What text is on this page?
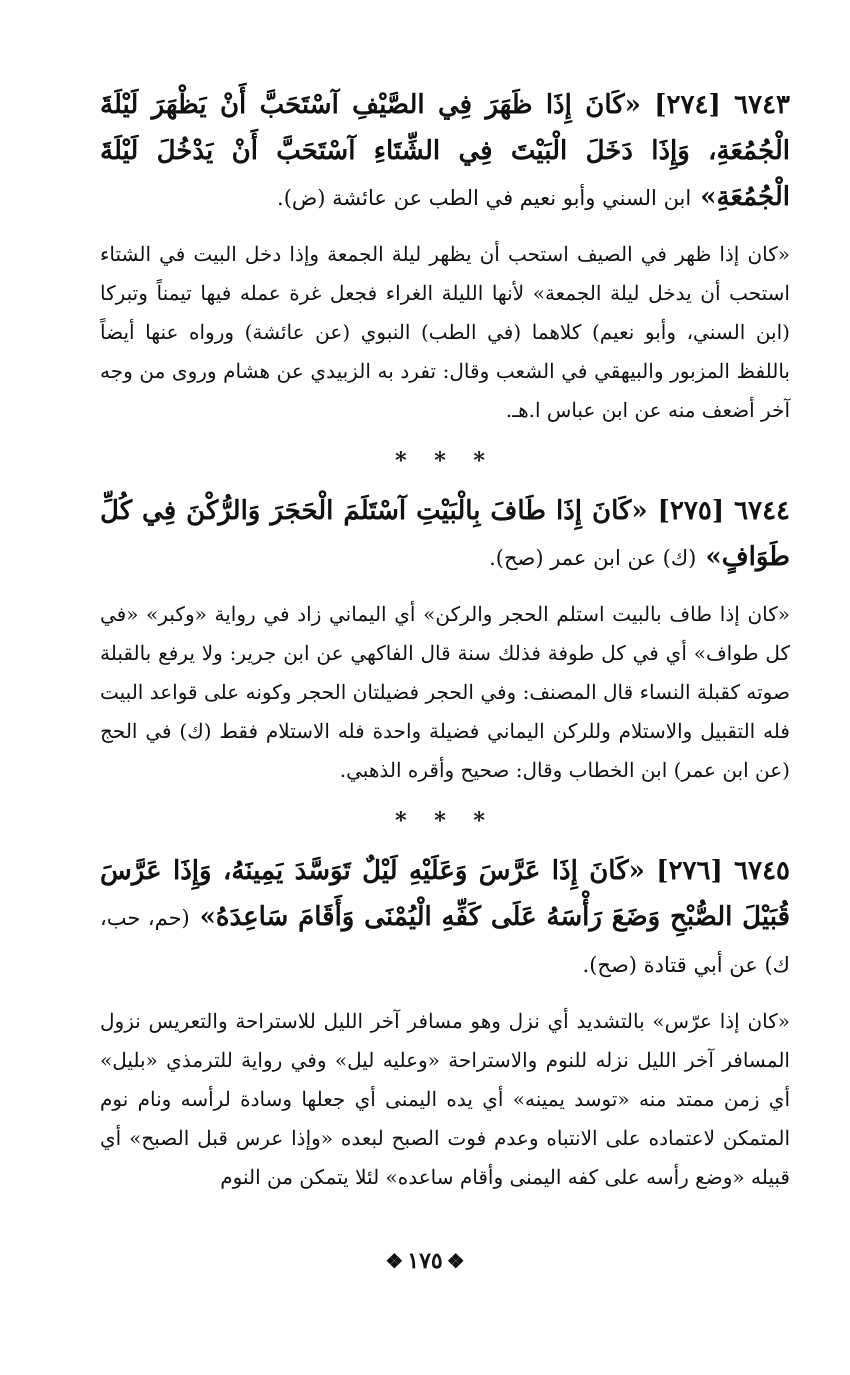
٦٧٤٣ [٢٧٤] «كَانَ إِذَا ظَهَرَ فِي الصَّيْفِ آسْتَحَبَّ أَنْ يَظْهَرَ لَيْلَةَ الْجُمُعَةِ، وَإِذَا دَخَلَ الْبَيْتَ فِي الشِّتَاءِ آسْتَحَبَّ أَنْ يَدْخُلَ لَيْلَةَ الْجُمُعَةِ» ابن السني وأبو نعيم في الطب عن عائشة (ض).

«كان إذا ظهر في الصيف استحب أن يظهر ليلة الجمعة وإذا دخل البيت في الشتاء استحب أن يدخل ليلة الجمعة» لأنها الليلة الغراء فجعل غرة عمله فيها تيمناً وتبركا (ابن السني، وأبو نعيم) كلاهما (في الطب) النبوي (عن عائشة) ورواه عنها أيضاً باللفظ المزبور والبيهقي في الشعب وقال: تفرد به الزبيدي عن هشام وروى من وجه آخر أضعف منه عن ابن عباس ا.هـ.

* * *

٦٧٤٤ [٢٧٥] «كَانَ إِذَا طَافَ بِالْبَيْتِ آسْتَلَمَ الْحَجَرَ وَالرُّكْنَ فِي كُلِّ طَوَافٍ» (ك) عن ابن عمر (صح).

«كان إذا طاف بالبيت استلم الحجر والركن» أي اليماني زاد في رواية «وكبر» «في كل طواف» أي في كل طوفة فذلك سنة قال الفاكهي عن ابن جرير: ولا يرفع بالقبلة صوته كقبلة النساء قال المصنف: وفي الحجر فضيلتان الحجر وكونه على قواعد البيت فله التقبيل والاستلام وللركن اليماني فضيلة واحدة فله الاستلام فقط (ك) في الحج (عن ابن عمر) ابن الخطاب وقال: صحيح وأقره الذهبي.

* * *

٦٧٤٥ [٢٧٦] «كَانَ إِذَا عَرَّسَ وَعَلَيْهِ لَيْلٌ تَوَسَّدَ يَمِينَهُ، وَإِذَا عَرَّسَ قُبَيْلَ الصُّبْحِ وَضَعَ رَأْسَهُ عَلَى كَفِّهِ الْيُمْنَى وَأَقَامَ سَاعِدَهُ» (حم، حب، ك) عن أبي قتادة (صح).

«كان إذا عرّس» بالتشديد أي نزل وهو مسافر آخر الليل للاستراحة والتعريس نزول المسافر آخر الليل نزله للنوم والاستراحة «وعليه ليل» وفي رواية للترمذي «بليل» أي زمن ممتد منه «توسد يمينه» أي يده اليمنى أي جعلها وسادة لرأسه ونام نوم المتمكن لاعتماده على الانتباه وعدم فوت الصبح لبعده «وإذا عرس قبل الصبح» أي قبيله «وضع رأسه على كفه اليمنى وأقام ساعده» لئلا يتمكن من النوم

❖١٧٥❖
